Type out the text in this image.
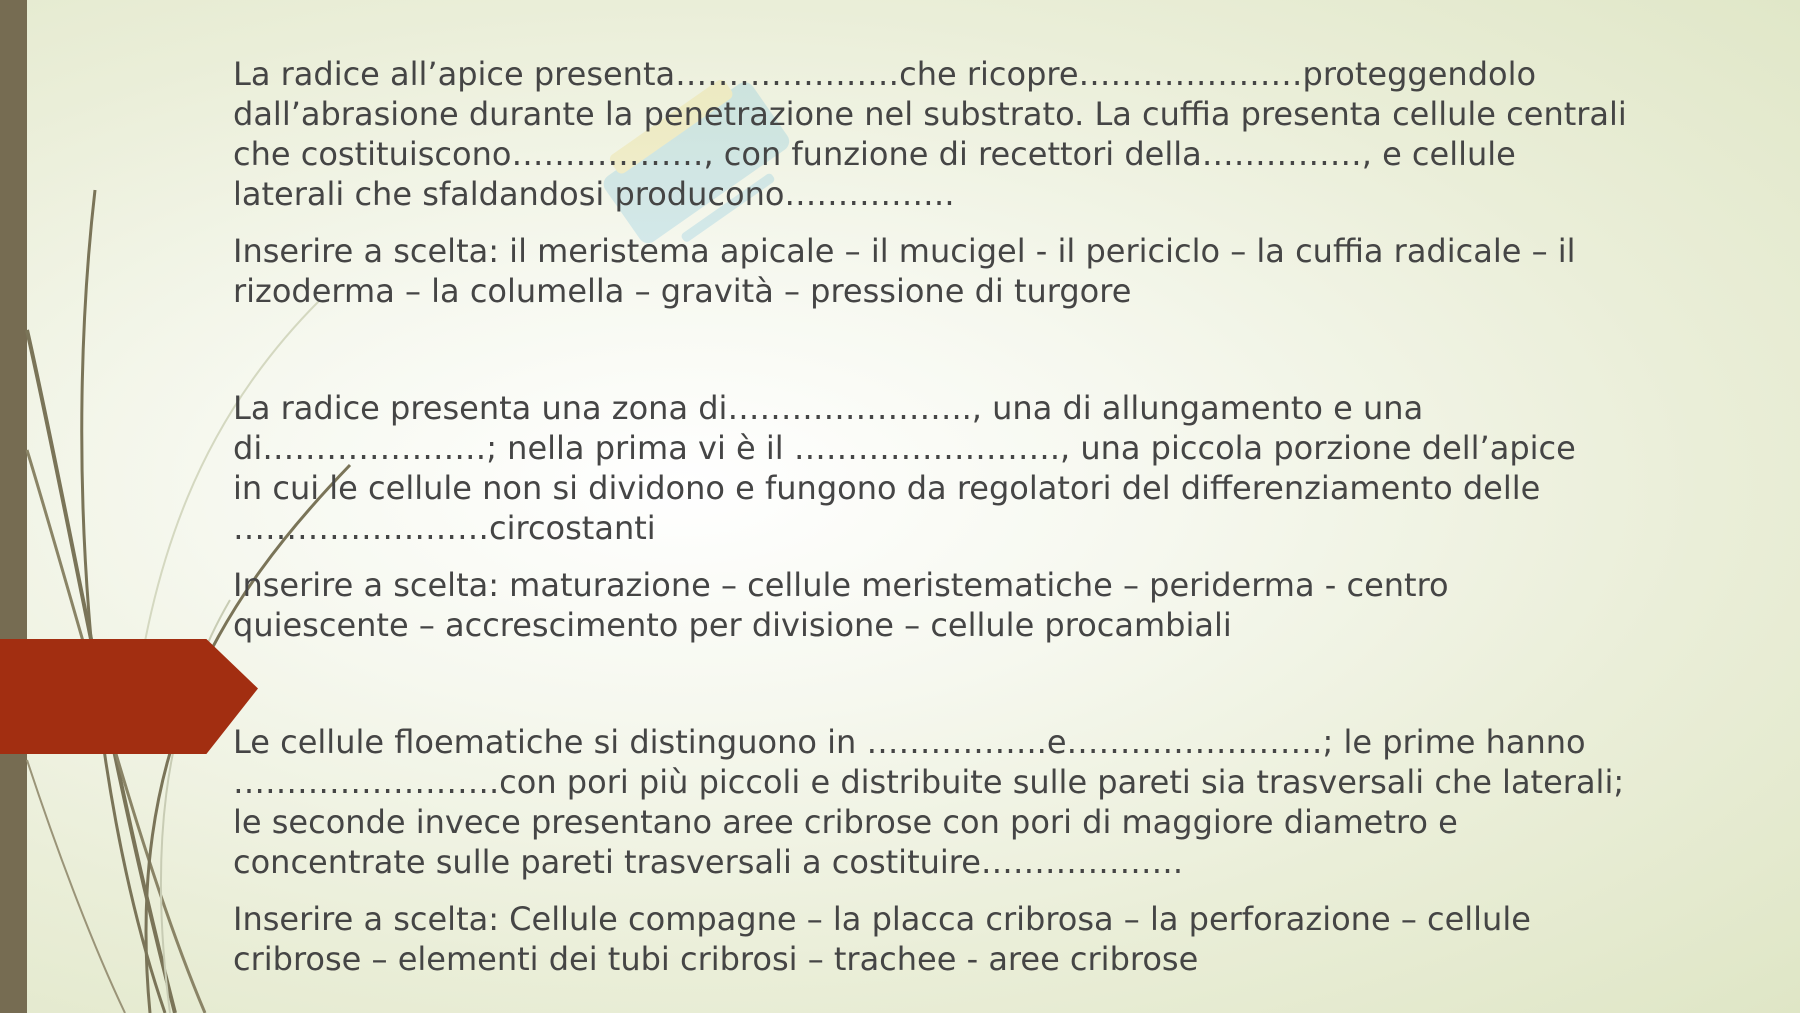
La radice all’apice presenta…………………che ricopre…………………proteggendolo
dall’abrasione durante la penetrazione nel substrato. La cuffia presenta cellule centrali
che costituiscono………………, con funzione di recettori della……………, e cellule
laterali che sfaldandosi producono…………….

Inserire a scelta: il meristema apicale – il mucigel - il periciclo – la cuffia radicale – il
rizoderma – la columella – gravità – pressione di turgore

La radice presenta una zona di………………….., una di allungamento e una
di…………………; nella prima vi è il ……………………., una piccola porzione dell’apice
in cui le cellule non si dividono e fungono da regolatori del differenziamento delle
……………………circostanti

Inserire a scelta: maturazione – cellule meristematiche – periderma - centro
quiescente – accrescimento per divisione – cellule procambiali

Le cellule floematiche si distinguono in ……………..e……………………; le prime hanno
…………………….con pori più piccoli e distribuite sulle pareti sia trasversali che laterali;
le seconde invece presentano aree cribrose con pori di maggiore diametro e
concentrate sulle pareti trasversali a costituire……………….

Inserire a scelta: Cellule compagne – la placca cribrosa – la perforazione – cellule
cribrose – elementi dei tubi cribrosi – trachee - aree cribrose
